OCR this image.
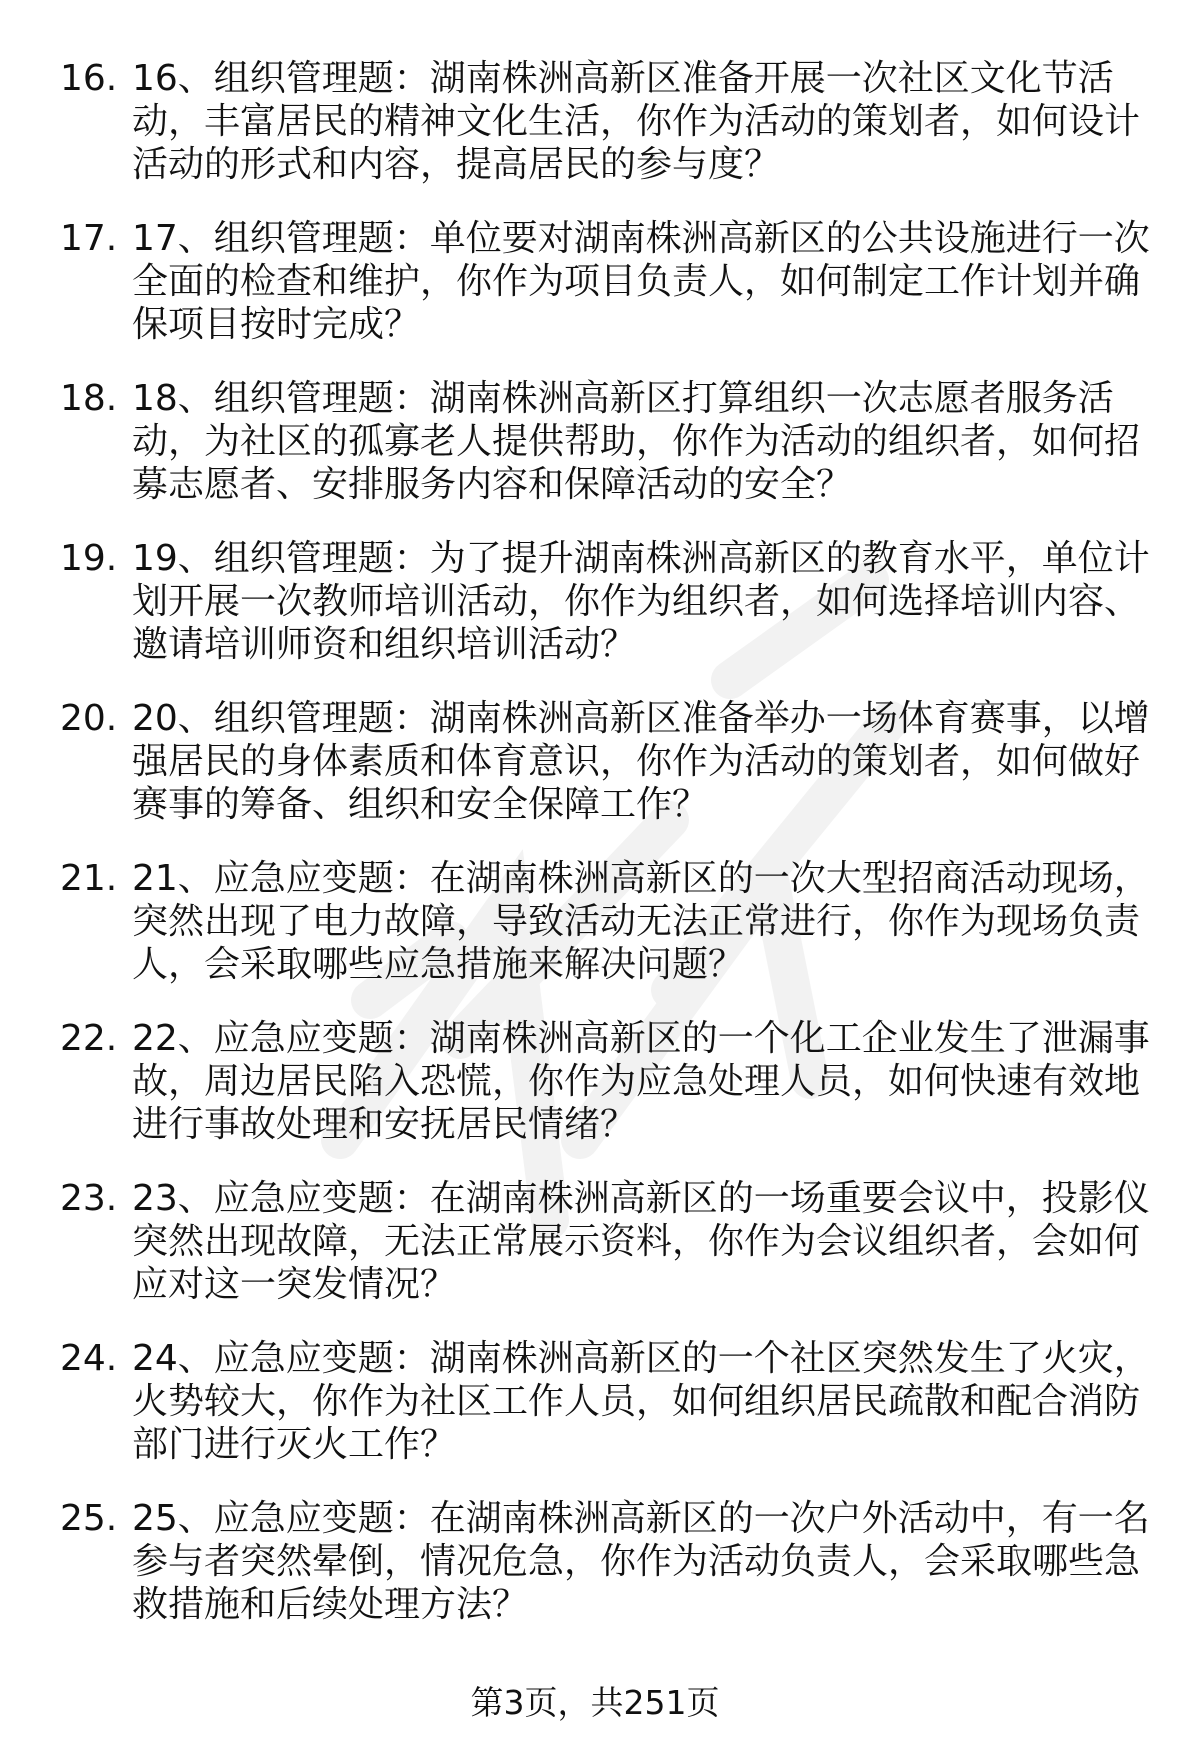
16. 16、组织管理题：湖南株洲高新区准备开展一次社区文化节活动，丰富居民的精神文化生活，你作为活动的策划者，如何设计活动的形式和内容，提高居民的参与度？
17. 17、组织管理题：单位要对湖南株洲高新区的公共设施进行一次全面的检查和维护，你作为项目负责人，如何制定工作计划并确保项目按时完成？
18. 18、组织管理题：湖南株洲高新区打算组织一次志愿者服务活动，为社区的孤寡老人提供帮助，你作为活动的组织者，如何招募志愿者、安排服务内容和保障活动的安全？
19. 19、组织管理题：为了提升湖南株洲高新区的教育水平，单位计划开展一次教师培训活动，你作为组织者，如何选择培训内容、邀请培训师资和组织培训活动？
20. 20、组织管理题：湖南株洲高新区准备举办一场体育赛事，以增强居民的身体素质和体育意识，你作为活动的策划者，如何做好赛事的筹备、组织和安全保障工作？
21. 21、应急应变题：在湖南株洲高新区的一次大型招商活动现场，突然出现了电力故障，导致活动无法正常进行，你作为现场负责人，会采取哪些应急措施来解决问题？
22. 22、应急应变题：湖南株洲高新区的一个化工企业发生了泄漏事故，周边居民陷入恐慌，你作为应急处理人员，如何快速有效地进行事故处理和安抚居民情绪？
23. 23、应急应变题：在湖南株洲高新区的一场重要会议中，投影仪突然出现故障，无法正常展示资料，你作为会议组织者，会如何应对这一突发情况？
24. 24、应急应变题：湖南株洲高新区的一个社区突然发生了火灾，火势较大，你作为社区工作人员，如何组织居民疏散和配合消防部门进行灭火工作？
25. 25、应急应变题：在湖南株洲高新区的一次户外活动中，有一名参与者突然晕倒，情况危急，你作为活动负责人，会采取哪些急救措施和后续处理方法？
第3页，共251页
